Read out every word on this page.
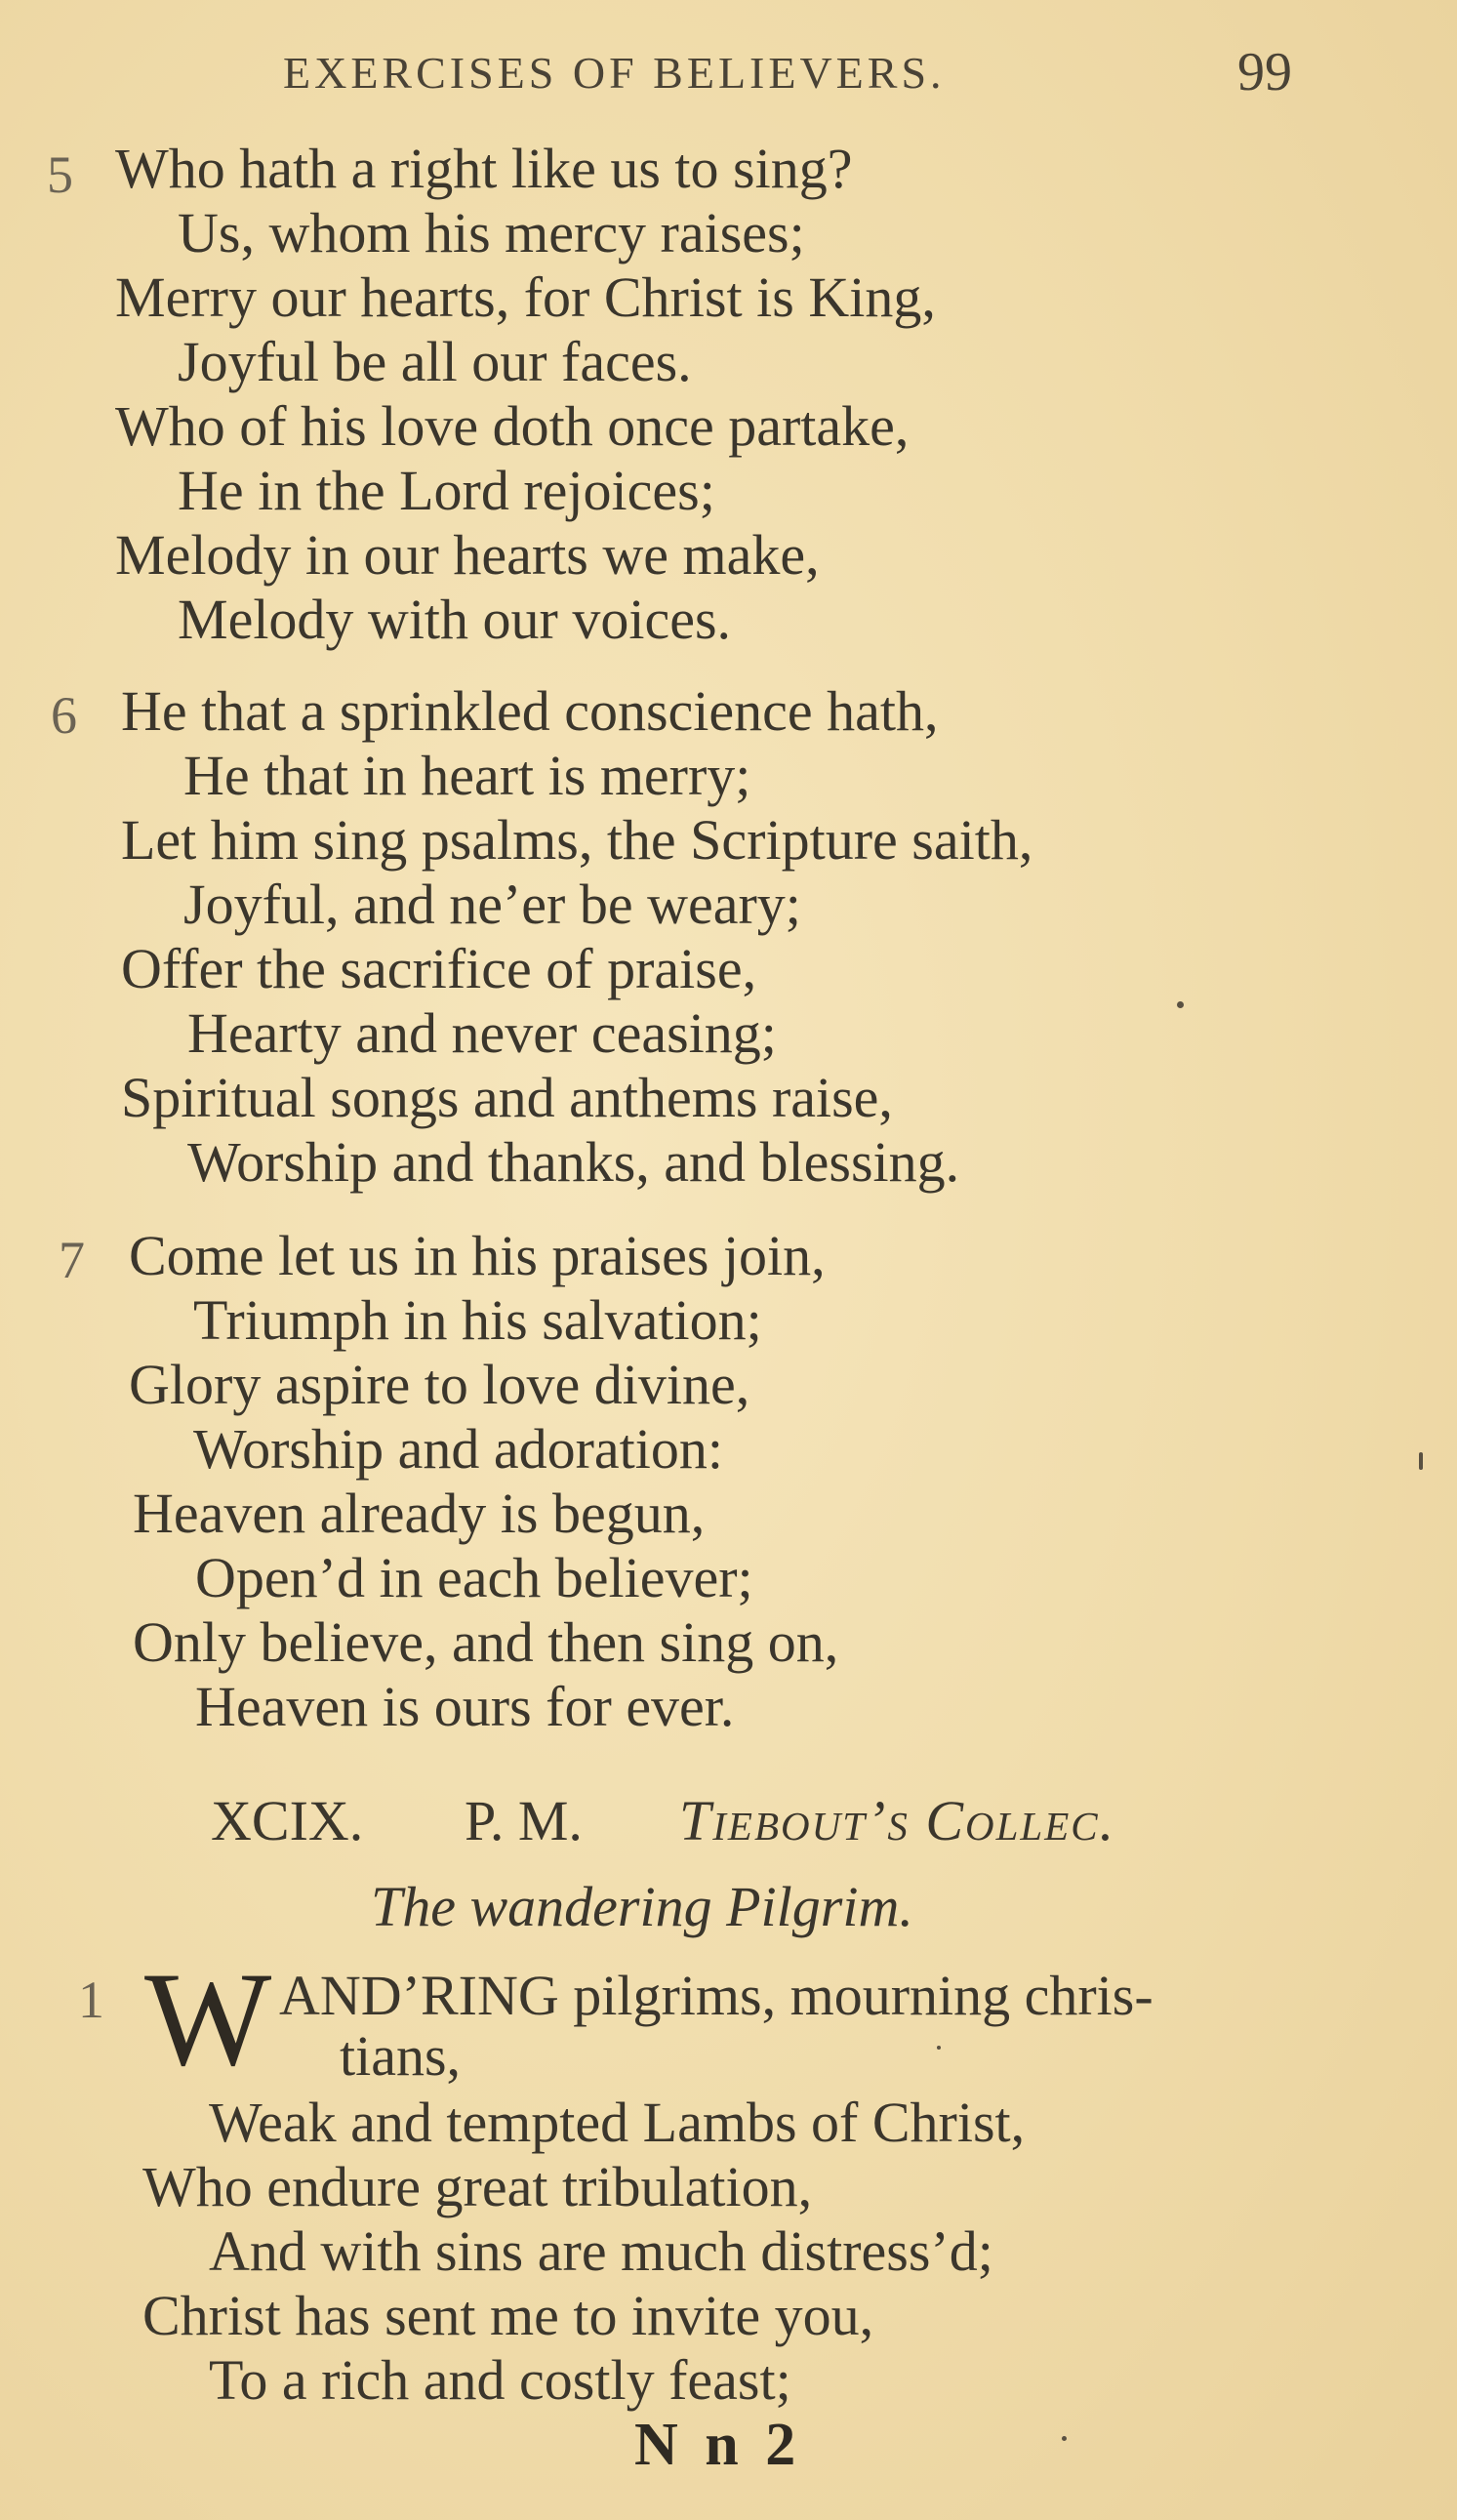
EXERCISES OF BELIEVERS.	99
5 Who hath a right like us to sing?
Us, whom his mercy raises;
Merry our hearts, for Christ is King,
Joyful be all our faces.
Who of his love doth once partake,
He in the Lord rejoices;
Melody in our hearts we make,
Melody with our voices.
6 He that a sprinkled conscience hath,
He that in heart is merry;
Let him sing psalms, the Scripture saith,
Joyful, and ne’er be weary;
Offer the sacrifice of praise,
Hearty and never ceasing;
Spiritual songs and anthems raise,
Worship and thanks, and blessing.
7 Come let us in his praises join,
Triumph in his salvation;
Glory aspire to love divine,
Worship and adoration:
Heaven already is begun,
Open’d in each believer;
Only believe, and then sing on,
Heaven is ours for ever.
XCIX. P. M. Tiebout’s Collec.
The wandering Pilgrim.
1 W AND’RING pilgrims, mourning chris-
tians,
Weak and tempted Lambs of Christ,
Who endure great tribulation,
And with sins are much distress’d;
Christ has sent me to invite you,
To a rich and costly feast;
N n 2
